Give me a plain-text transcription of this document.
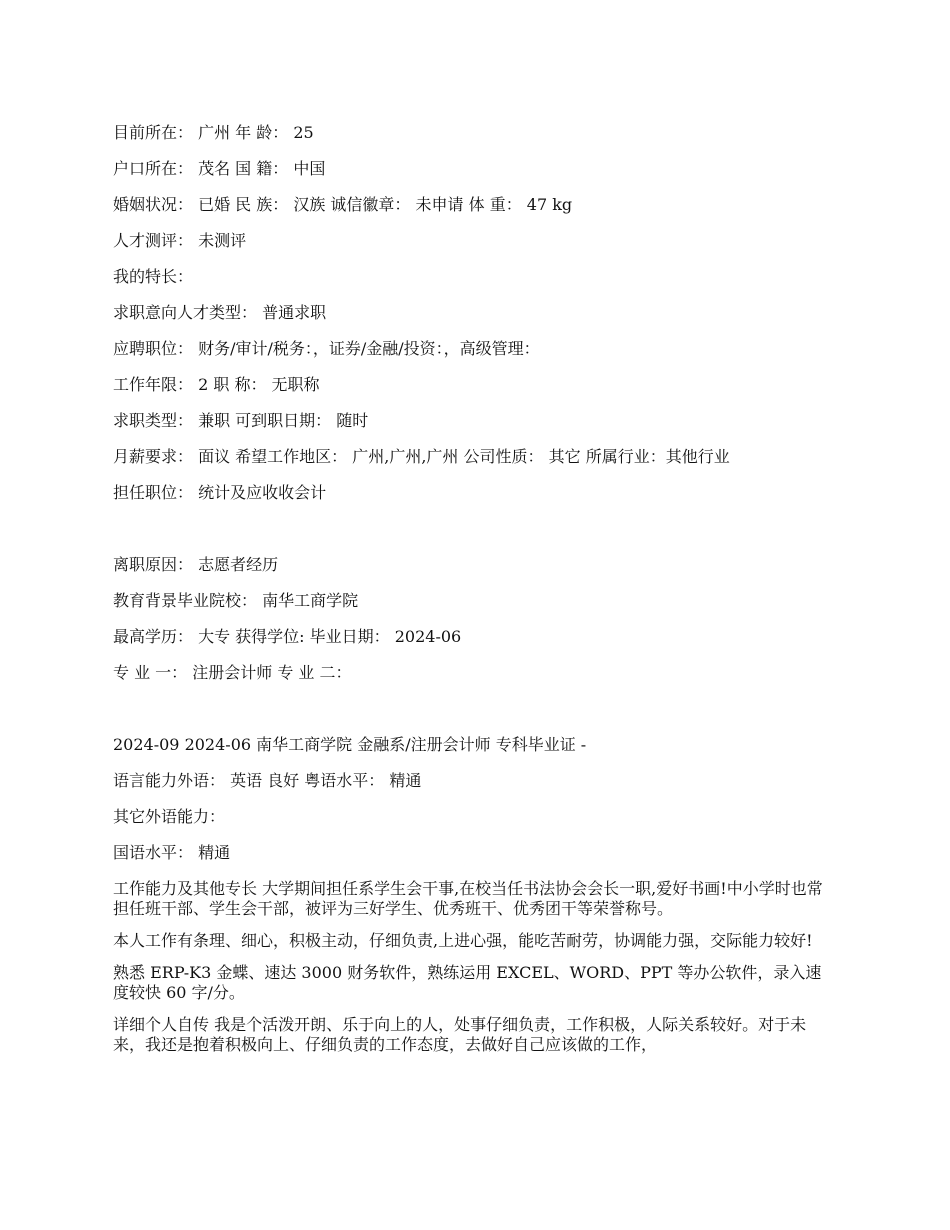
目前所在： 广州 年 龄： 25
户口所在： 茂名 国 籍： 中国
婚姻状况： 已婚 民 族： 汉族 诚信徽章： 未申请 体 重： 47 kg
人才测评： 未测评
我的特长：
求职意向人才类型： 普通求职
应聘职位： 财务/审计/税务：，证券/金融/投资：，高级管理：
工作年限： 2 职 称： 无职称
求职类型： 兼职 可到职日期： 随时
月薪要求： 面议 希望工作地区： 广州,广州,广州 公司性质： 其它 所属行业：其他行业
担任职位： 统计及应收收会计
离职原因： 志愿者经历
教育背景毕业院校： 南华工商学院
最高学历： 大专 获得学位: 毕业日期： 2024-06
专 业 一： 注册会计师 专 业 二：
2024-09 2024-06 南华工商学院 金融系/注册会计师 专科毕业证 -
语言能力外语： 英语 良好 粤语水平： 精通
其它外语能力：
国语水平： 精通

工作能力及其他专长 大学期间担任系学生会干事,在校当任书法协会会长一职,爱好书画!中小学时也常担任班干部、学生会干部，被评为三好学生、优秀班干、优秀团干等荣誉称号。

本人工作有条理、细心，积极主动，仔细负责,上进心强，能吃苦耐劳，协调能力强，交际能力较好!

熟悉 ERP-K3 金蝶、速达 3000 财务软件，熟练运用 EXCEL、WORD、PPT 等办公软件，录入速度较快 60 字/分。

详细个人自传 我是个活泼开朗、乐于向上的人，处事仔细负责，工作积极，人际关系较好。对于未来，我还是抱着积极向上、仔细负责的工作态度，去做好自己应该做的工作，
